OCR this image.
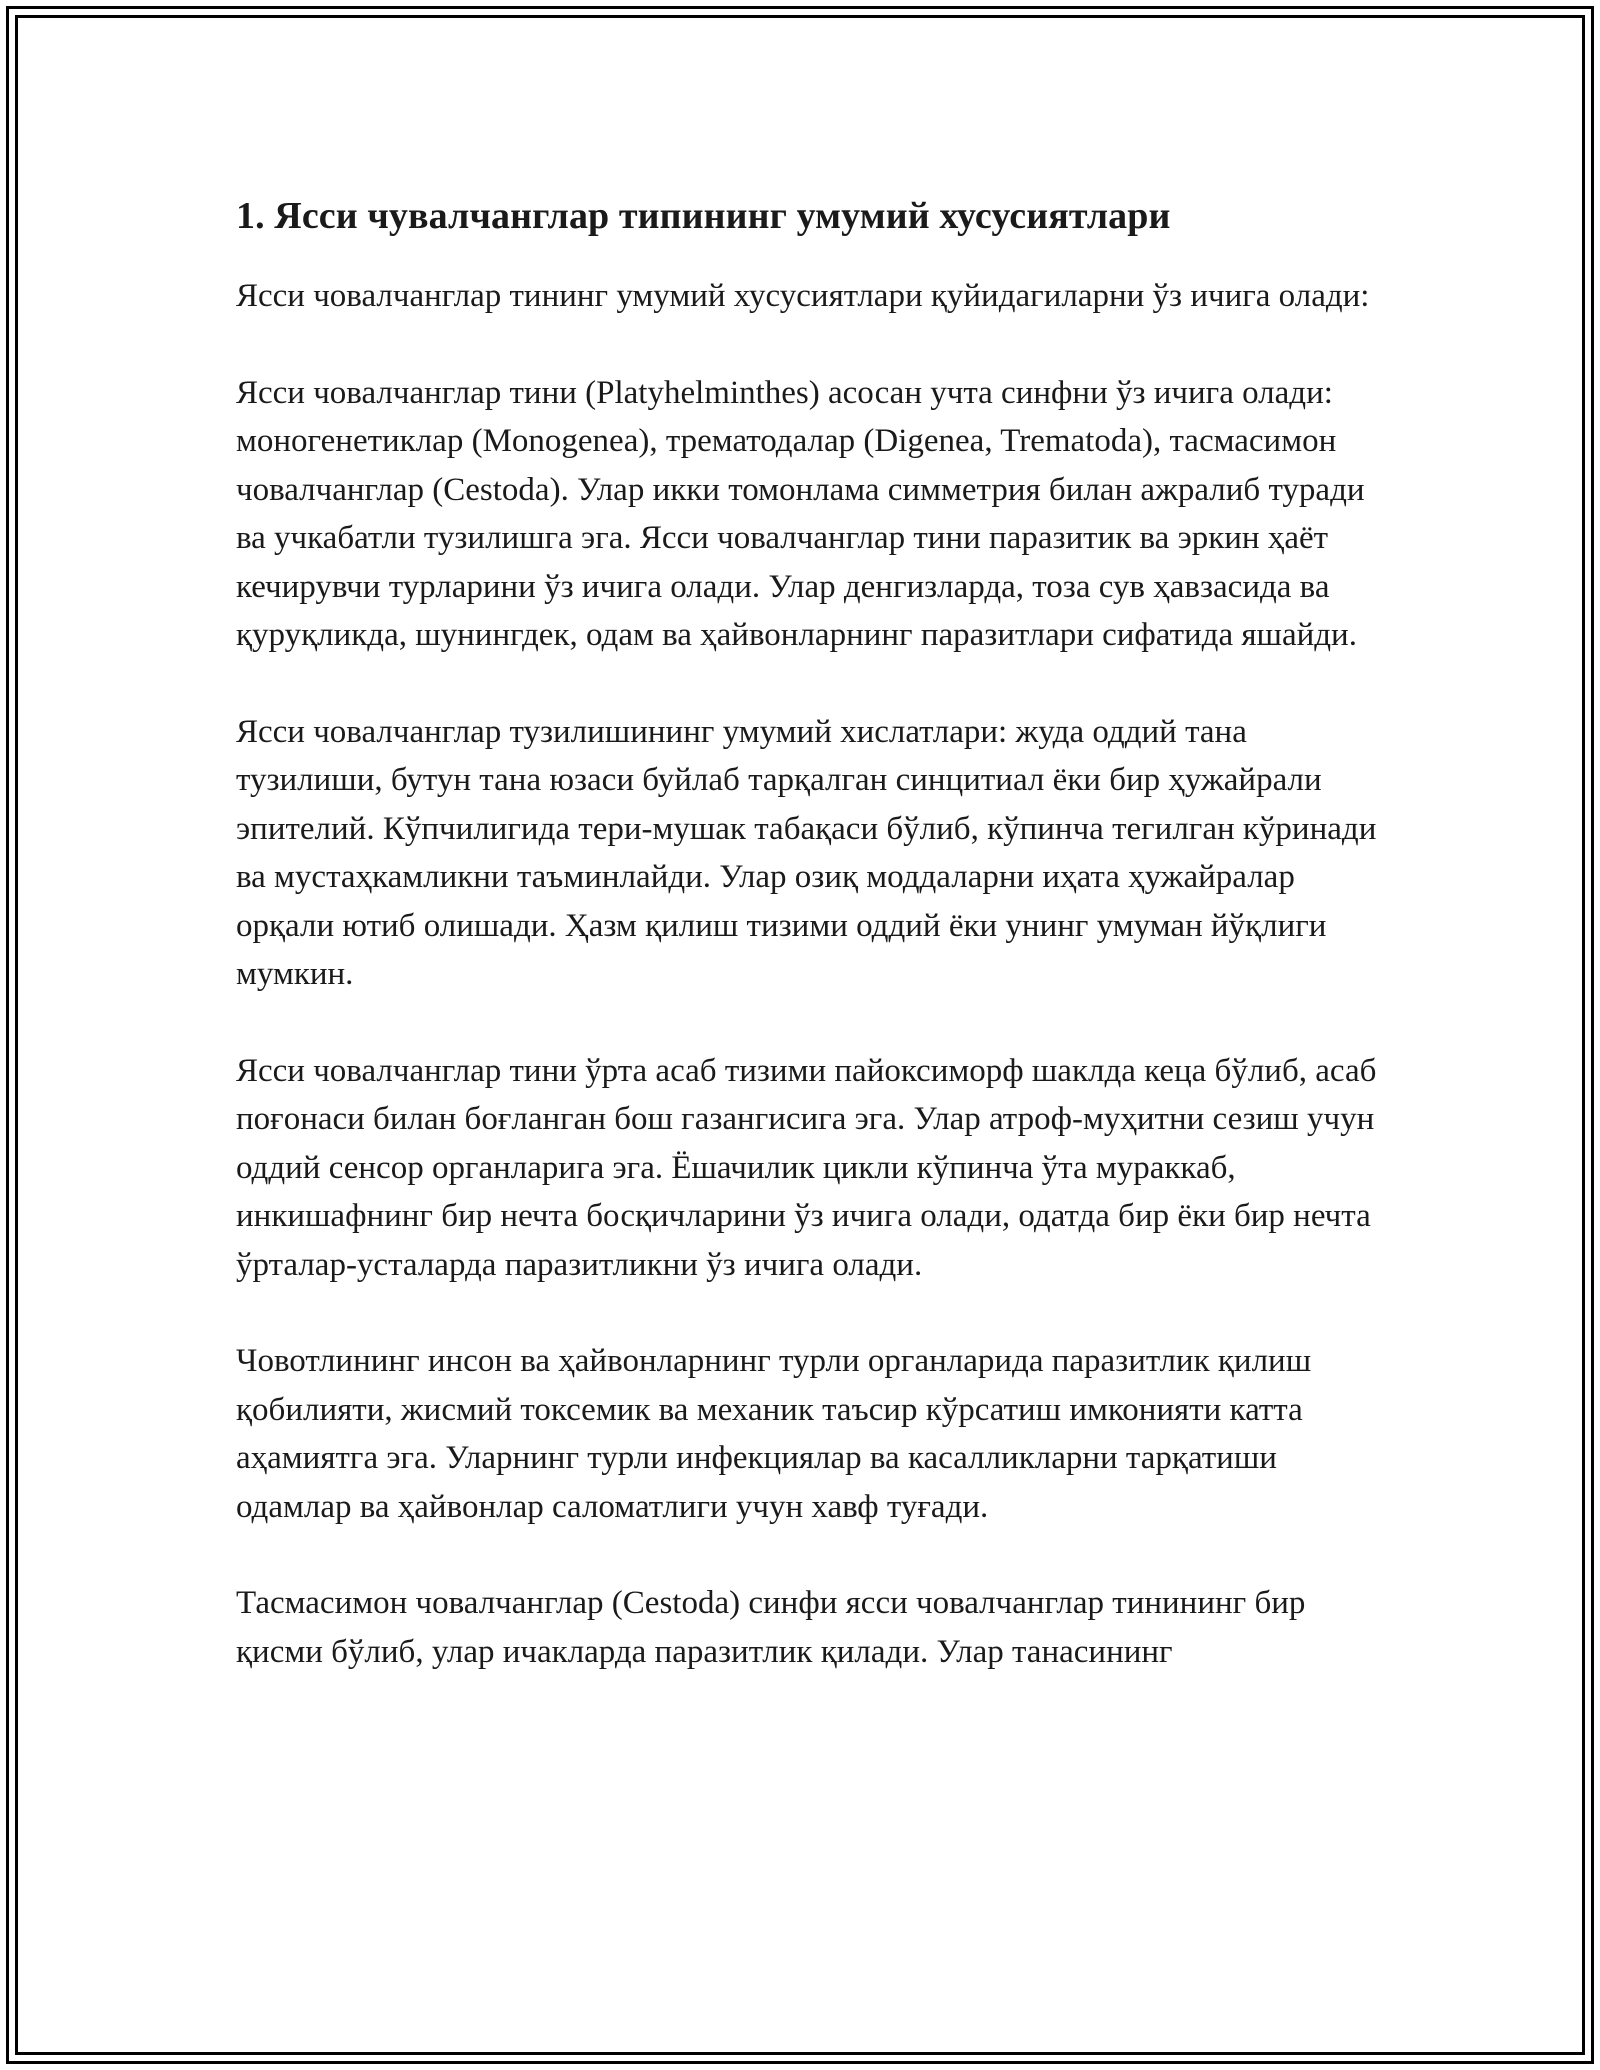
1. Ясси чувалчанглар типининг умумий хусусиятлари

Ясси човалчанглар тининг умумий хусусиятлари қуйидагиларни ўз ичига олади:

Ясси човалчанглар тини (Platyhelminthes) асосан учта синфни ўз ичига олади: моногенетиклар (Monogenea), трематодалар (Digenea, Trematoda), тасмасимон човалчанглар (Cestoda). Улар икки томонлама симметрия билан ажралиб туради ва учкабатли тузилишга эга. Ясси човалчанглар тини паразитик ва эркин ҳаёт кечирувчи турларини ўз ичига олади. Улар денгизларда, тоза сув ҳавзасида ва қуруқликда, шунингдек, одам ва ҳайвонларнинг паразитлари сифатида яшайди.

Ясси човалчанглар тузилишининг умумий хислатлари: жуда оддий тана тузилиши, бутун тана юзаси буйлаб тарқалган синцитиал ёки бир ҳужайрали эпителий. Кўпчилигида тери-мушак табақаси бўлиб, кўпинча тегилган кўринади ва мустаҳкамликни таъминлайди. Улар озиқ моддаларни иҳата ҳужайралар орқали ютиб олишади. Ҳазм қилиш тизими оддий ёки унинг умуман йўқлиги мумкин.

Ясси човалчанглар тини ўрта асаб тизими пайоксиморф шаклда кеца бўлиб, асаб поғонаси билан боғланган бош газангисига эга. Улар атроф-муҳитни сезиш учун оддий сенсор органларига эга. Ёшачилик цикли кўпинча ўта мураккаб, инкишафнинг бир нечта босқичларини ўз ичига олади, одатда бир ёки бир нечта ўрталар-усталарда паразитликни ўз ичига олади.

Човотлининг инсон ва ҳайвонларнинг турли органларида паразитлик қилиш қобилияти, жисмий токсемик ва механик таъсир кўрсатиш имконияти катта аҳамиятга эга. Уларнинг турли инфекциялар ва касалликларни тарқатиши одамлар ва ҳайвонлар саломатлиги учун хавф туғади.

Тасмасимон човалчанглар (Cestoda) синфи ясси човалчанглар тинининг бир қисми бўлиб, улар ичакларда паразитлик қилади. Улар танасининг
